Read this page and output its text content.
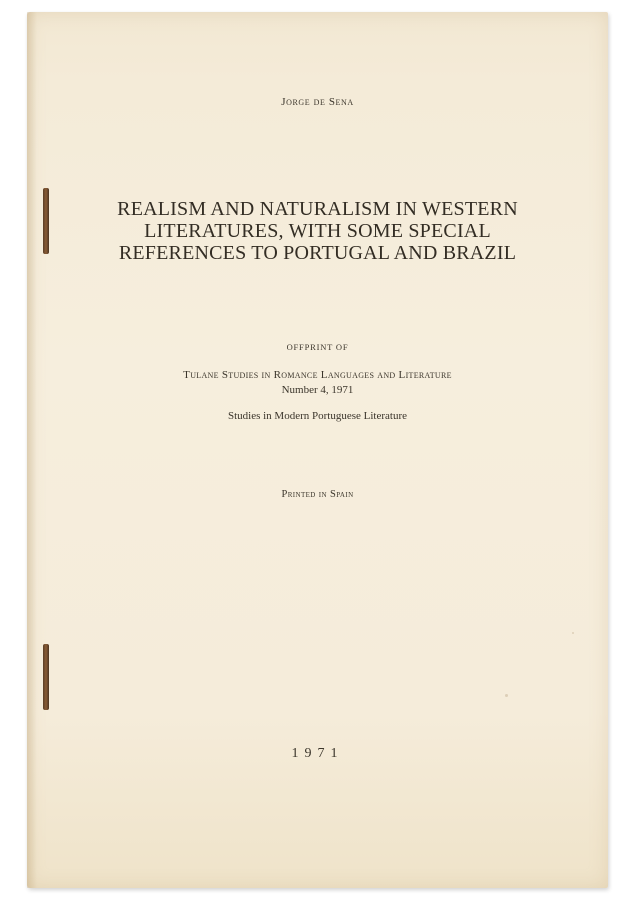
Jorge de Sena
REALISM AND NATURALISM IN WESTERN
LITERATURES, WITH SOME SPECIAL
REFERENCES TO PORTUGAL AND BRAZIL
OFFPRINT OF
Tulane Studies in Romance Languages and Literature
Number 4, 1971
Studies in Modern Portuguese Literature
Printed in Spain
1971
